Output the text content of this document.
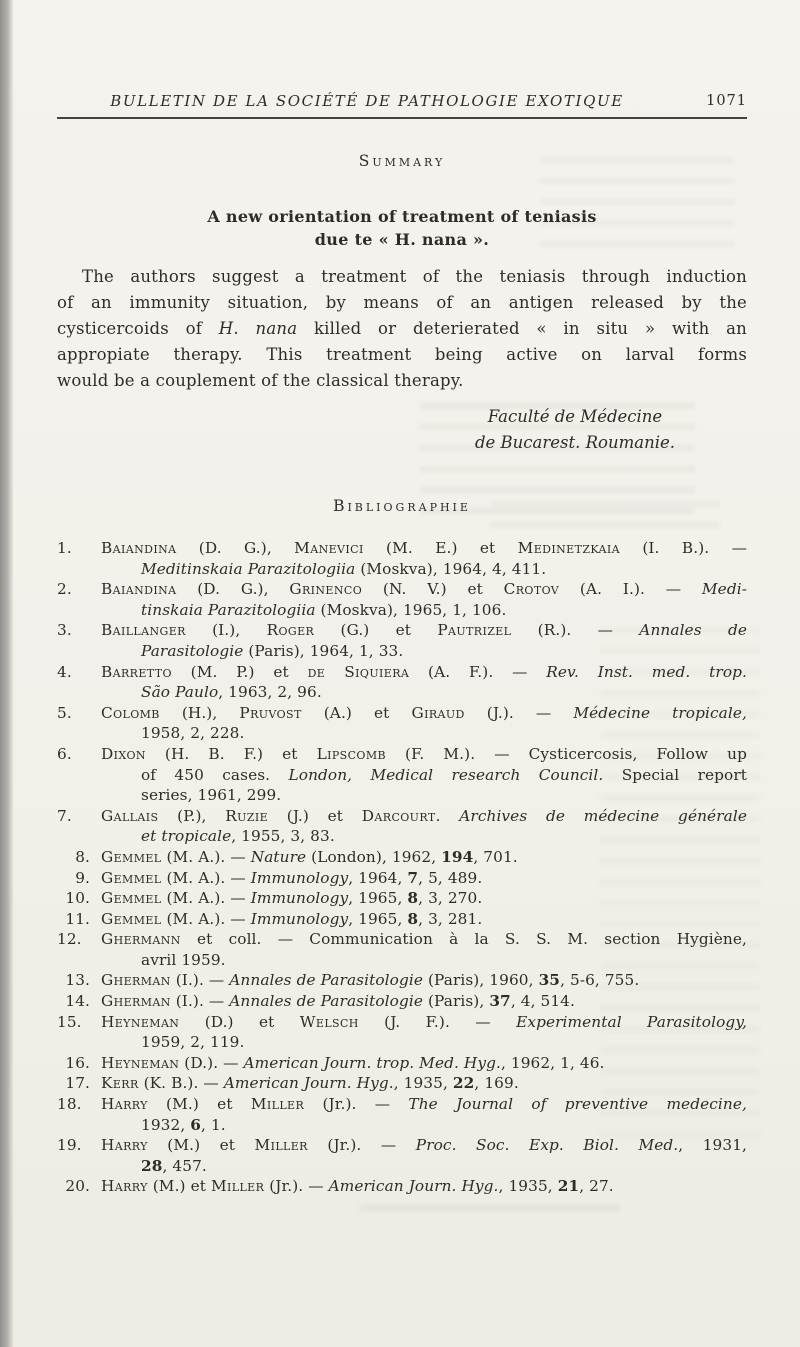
BULLETIN DE LA SOCIÉTÉ DE PATHOLOGIE EXOTIQUE	1071
Summary
A new orientation of treatment of teniasis
due te « H. nana ».
The authors suggest a treatment of the teniasis through induction
of an immunity situation, by means of an antigen released by the
cysticercoids of H. nana killed or deterierated « in situ » with an
appropiate therapy. This treatment being active on larval forms
would be a couplement of the classical therapy.
Faculté de Médecine
de Bucarest. Roumanie.
Bibliographie
1. Baiandina (D. G.), Manevici (M. E.) et Medinetzkaia (I. B.). —
Meditinskaia Parazitologiia (Moskva), 1964, 4, 411.
2. Baiandina (D. G.), Grinenco (N. V.) et Crotov (A. I.). — Medi-
tinskaia Parazitologiia (Moskva), 1965, 1, 106.
3. Baillanger (I.), Roger (G.) et Pautrizel (R.). — Annales de
Parasitologie (Paris), 1964, 1, 33.
4. Barretto (M. P.) et de Siquiera (A. F.). — Rev. Inst. med. trop.
São Paulo, 1963, 2, 96.
5. Colomb (H.), Pruvost (A.) et Giraud (J.). — Médecine tropicale,
1958, 2, 228.
6. Dixon (H. B. F.) et Lipscomb (F. M.). — Cysticercosis, Follow up
of 450 cases. London, Medical research Council. Special report
series, 1961, 299.
7. Gallais (P.), Ruzie (J.) et Darcourt. Archives de médecine générale
et tropicale, 1955, 3, 83.
8. Gemmel (M. A.). — Nature (London), 1962, 194, 701.
9. Gemmel (M. A.). — Immunology, 1964, 7, 5, 489.
10. Gemmel (M. A.). — Immunology, 1965, 8, 3, 270.
11. Gemmel (M. A.). — Immunology, 1965, 8, 3, 281.
12. Ghermann et coll. — Communication à la S. S. M. section Hygiène,
avril 1959.
13. Gherman (I.). — Annales de Parasitologie (Paris), 1960, 35, 5-6, 755.
14. Gherman (I.). — Annales de Parasitologie (Paris), 37, 4, 514.
15. Heyneman (D.) et Welsch (J. F.). — Experimental Parasitology,
1959, 2, 119.
16. Heyneman (D.). — American Journ. trop. Med. Hyg., 1962, 1, 46.
17. Kerr (K. B.). — American Journ. Hyg., 1935, 22, 169.
18. Harry (M.) et Miller (Jr.). — The Journal of preventive medecine,
1932, 6, 1.
19. Harry (M.) et Miller (Jr.). — Proc. Soc. Exp. Biol. Med., 1931,
28, 457.
20. Harry (M.) et Miller (Jr.). — American Journ. Hyg., 1935, 21, 27.
